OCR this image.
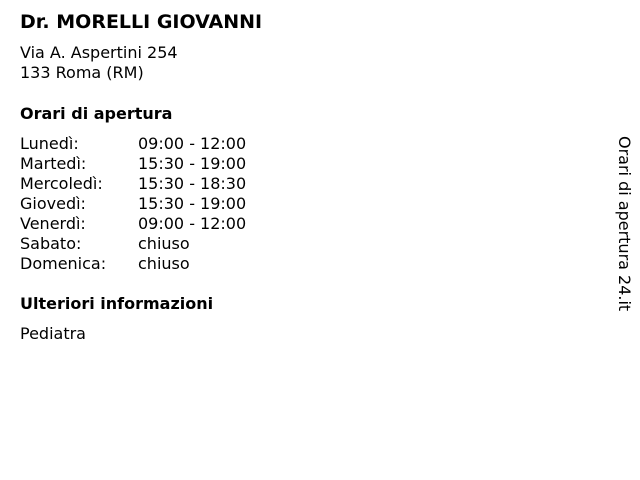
Dr. MORELLI GIOVANNI
Via A. Aspertini 254
133 Roma (RM)
Orari di apertura
Lunedì:	09:00 - 12:00
Martedì:	15:30 - 19:00
Mercoledì: 15:30 - 18:30
Giovedì:	15:30 - 19:00
Venerdì:	09:00 - 12:00
Sabato:	chiuso
Domenica: chiuso
Ulteriori informazioni
Pediatra
Orari di apertura 24.it
